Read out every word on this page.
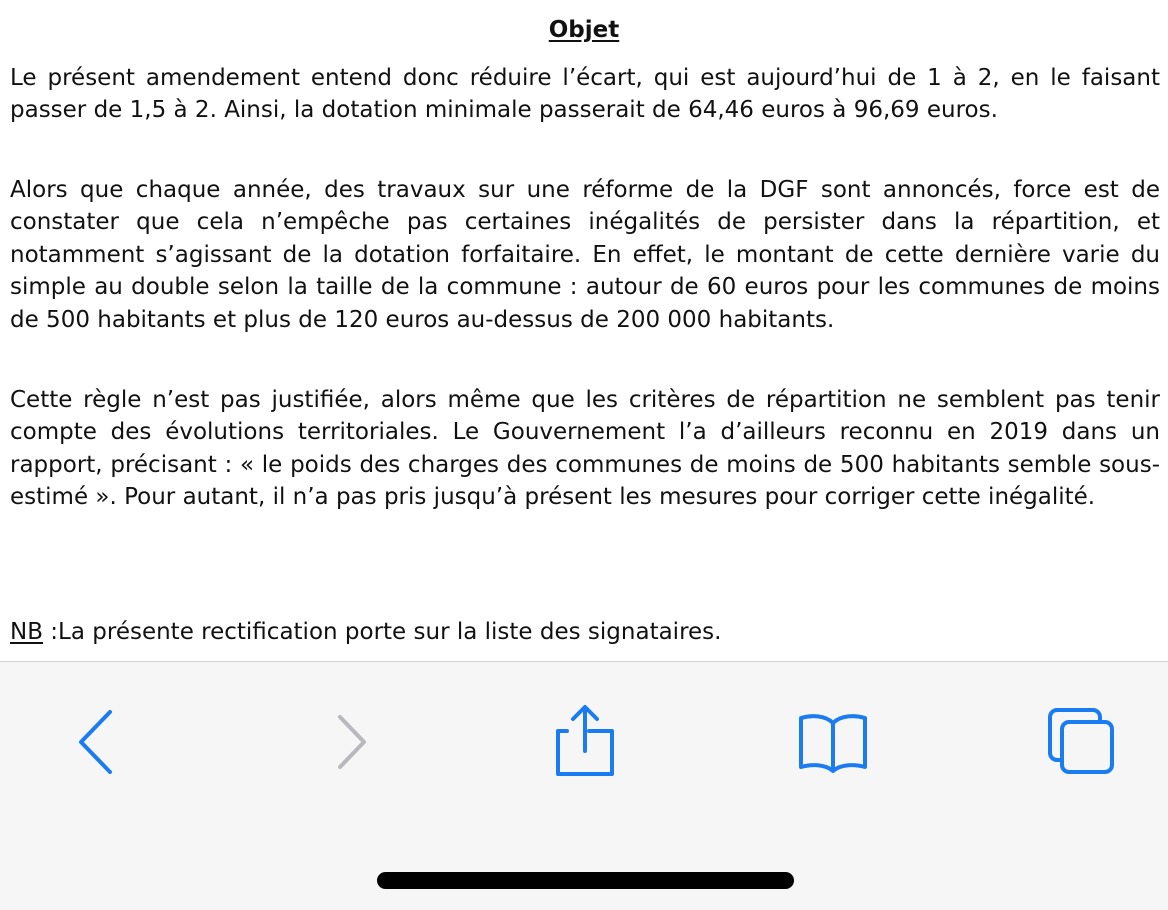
Objet

Le présent amendement entend donc réduire l’écart, qui est aujourd’hui de 1 à 2, en le faisant passer de 1,5 à 2. Ainsi, la dotation minimale passerait de 64,46 euros à 96,69 euros.

Alors que chaque année, des travaux sur une réforme de la DGF sont annoncés, force est de constater que cela n’empêche pas certaines inégalités de persister dans la répartition, et notamment s’agissant de la dotation forfaitaire. En effet, le montant de cette dernière varie du simple au double selon la taille de la commune : autour de 60 euros pour les communes de moins de 500 habitants et plus de 120 euros au-dessus de 200 000 habitants.

Cette règle n’est pas justifiée, alors même que les critères de répartition ne semblent pas tenir compte des évolutions territoriales. Le Gouvernement l’a d’ailleurs reconnu en 2019 dans un rapport, précisant : « le poids des charges des communes de moins de 500 habitants semble sous-estimé ». Pour autant, il n’a pas pris jusqu’à présent les mesures pour corriger cette inégalité.

NB :La présente rectification porte sur la liste des signataires.
